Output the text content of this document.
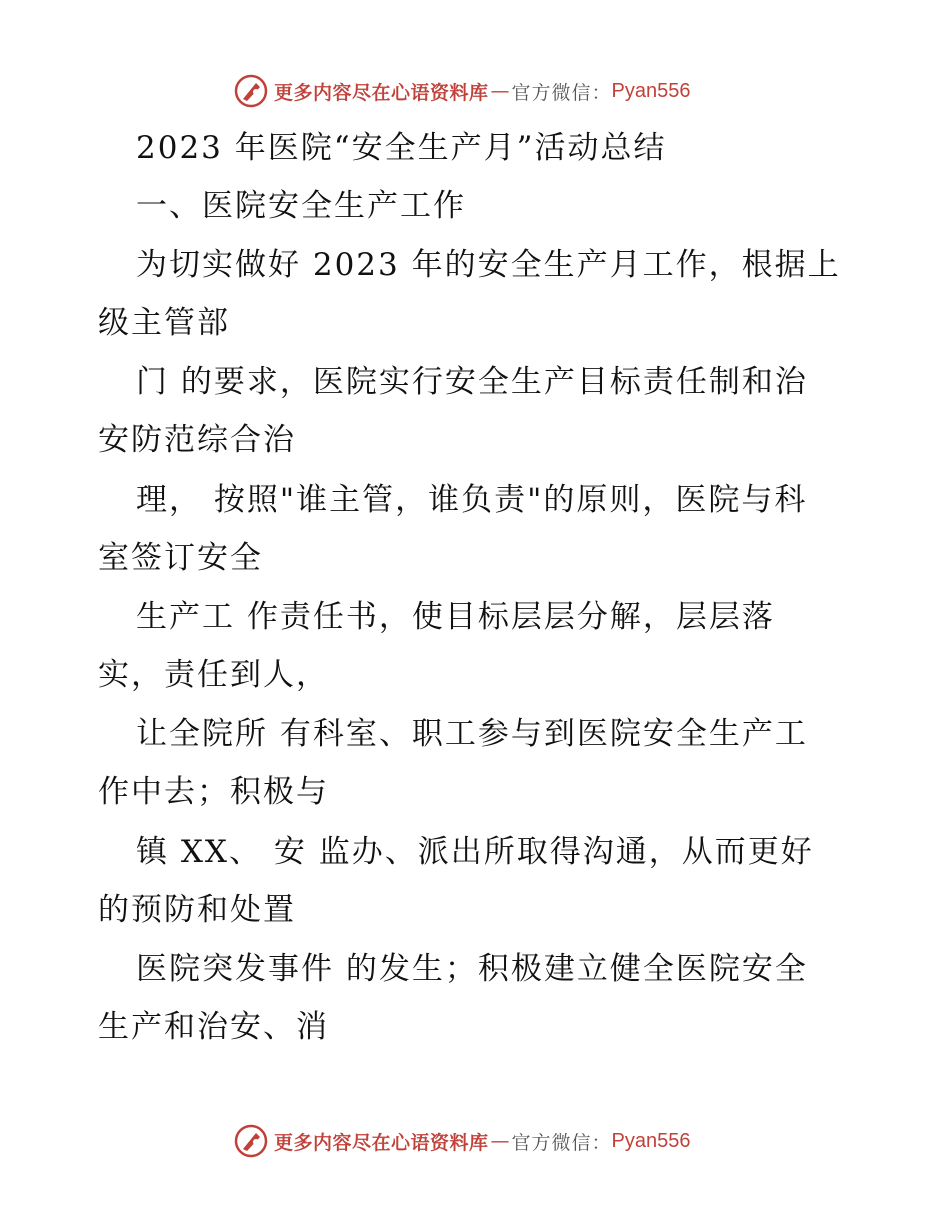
更多内容尽在心语资料库 — 官方微信： Pyan556
2023 年医院“安全生产月”活动总结
一、医院安全生产工作
为切实做好 2023 年的安全生产月工作，根据上
级主管部
门 的要求，医院实行安全生产目标责任制和治
安防范综合治
理， 按照"谁主管，谁负责"的原则，医院与科
室签订安全
生产工 作责任书，使目标层层分解，层层落
实，责任到人，
让全院所 有科室、职工参与到医院安全生产工
作中去；积极与
镇 XX、 安 监办、派出所取得沟通，从而更好
的预防和处置
医院突发事件 的发生；积极建立健全医院安全
生产和治安、消
更多内容尽在心语资料库 — 官方微信： Pyan556
